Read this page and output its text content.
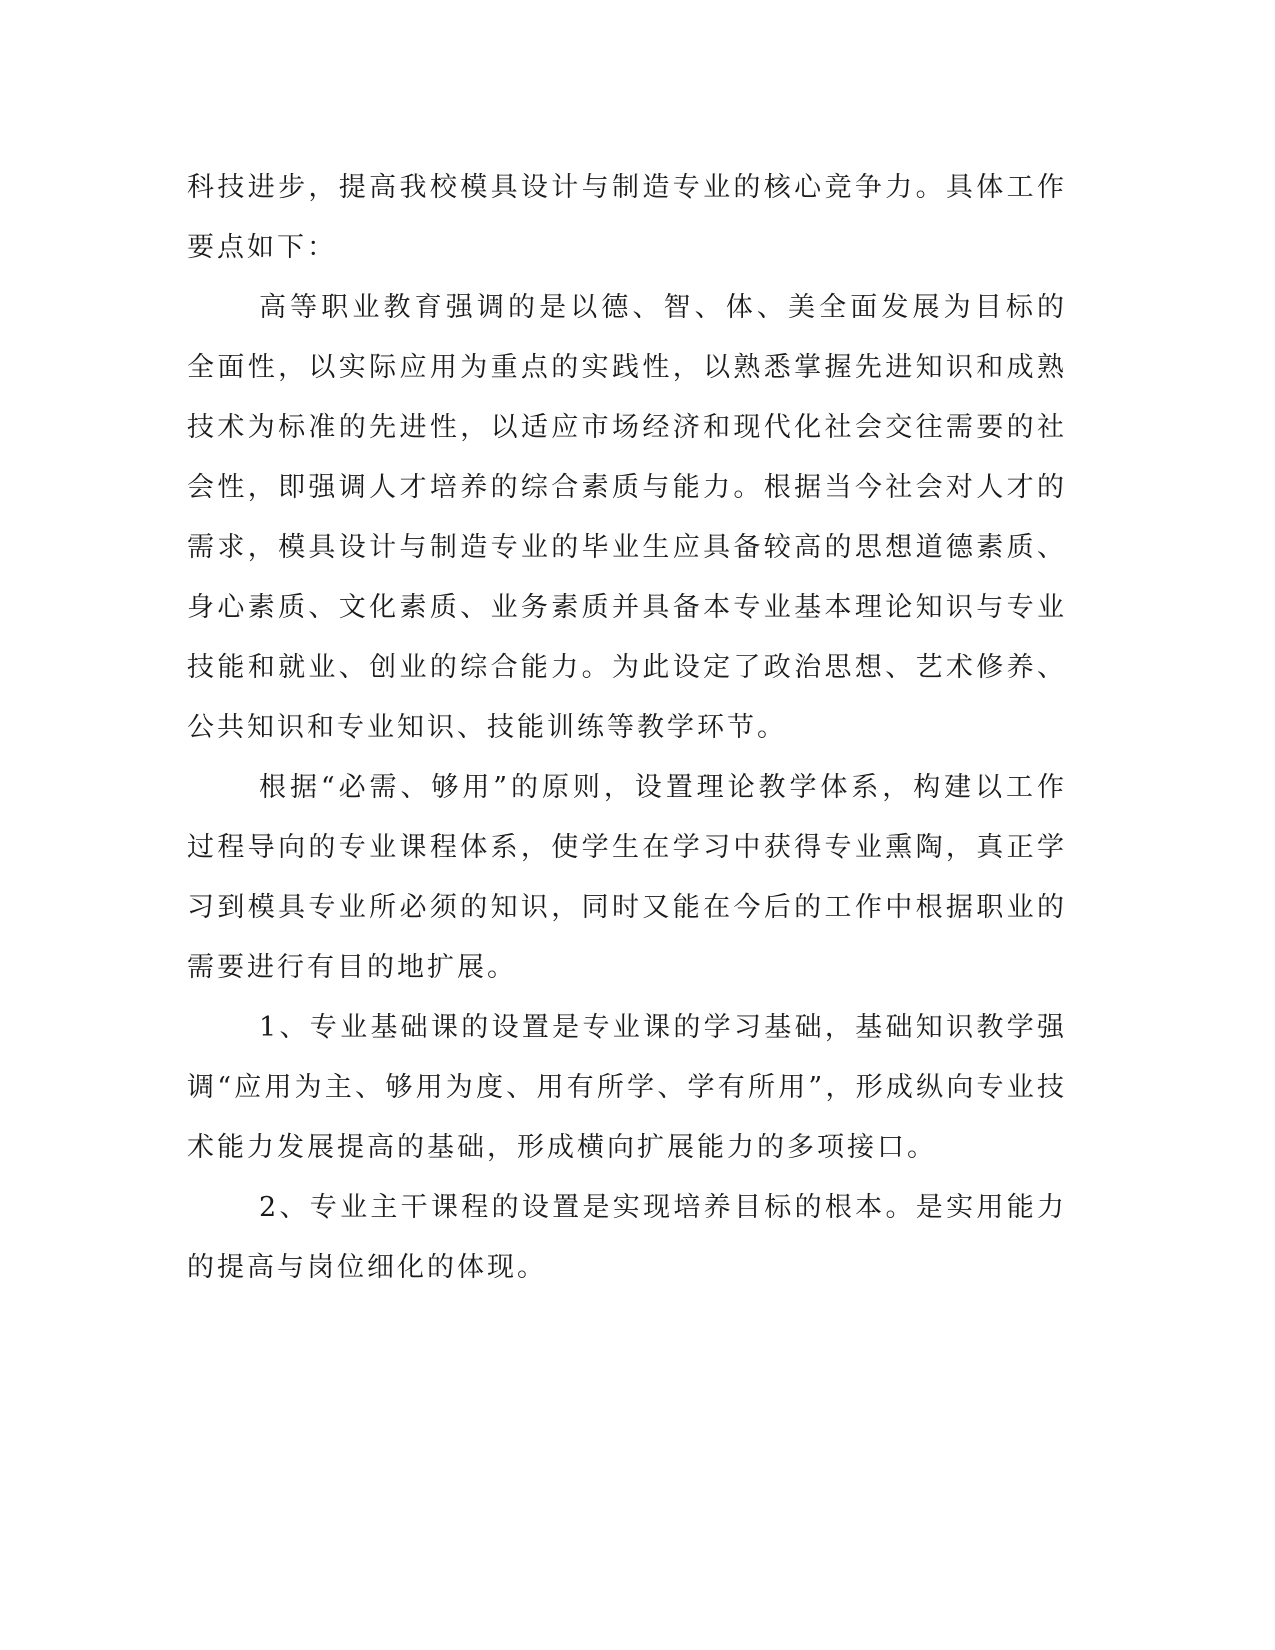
科技进步，提高我校模具设计与制造专业的核心竞争力。具体工作要点如下：

高等职业教育强调的是以德、智、体、美全面发展为目标的全面性，以实际应用为重点的实践性，以熟悉掌握先进知识和成熟技术为标准的先进性，以适应市场经济和现代化社会交往需要的社会性，即强调人才培养的综合素质与能力。根据当今社会对人才的需求，模具设计与制造专业的毕业生应具备较高的思想道德素质、身心素质、文化素质、业务素质并具备本专业基本理论知识与专业技能和就业、创业的综合能力。为此设定了政治思想、艺术修养、公共知识和专业知识、技能训练等教学环节。

根据“必需、够用”的原则，设置理论教学体系，构建以工作过程导向的专业课程体系，使学生在学习中获得专业熏陶，真正学习到模具专业所必须的知识，同时又能在今后的工作中根据职业的需要进行有目的地扩展。

1、专业基础课的设置是专业课的学习基础，基础知识教学强调“应用为主、够用为度、用有所学、学有所用”，形成纵向专业技术能力发展提高的基础，形成横向扩展能力的多项接口。

2、专业主干课程的设置是实现培养目标的根本。是实用能力的提高与岗位细化的体现。
